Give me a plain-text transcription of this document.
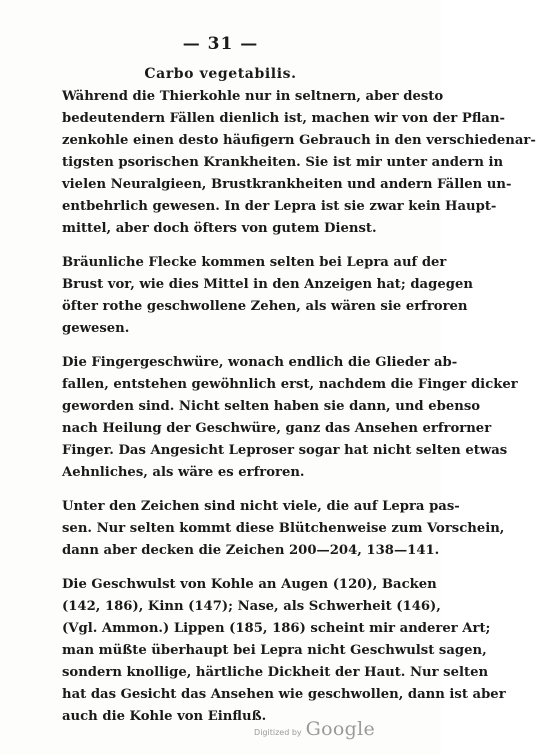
— 31 —
Carbo vegetabilis.
Während die Thierkohle nur in seltnern, aber desto
bedeutendern Fällen dienlich ist, machen wir von der Pflan-
zenkohle einen desto häufigern Gebrauch in den verschiedenar-
tigsten psorischen Krankheiten. Sie ist mir unter andern in
vielen Neuralgieen, Brustkrankheiten und andern Fällen un-
entbehrlich gewesen. In der Lepra ist sie zwar kein Haupt-
mittel, aber doch öfters von gutem Dienst.
Bräunliche Flecke kommen selten bei Lepra auf der
Brust vor, wie dies Mittel in den Anzeigen hat; dagegen
öfter rothe geschwollene Zehen, als wären sie erfroren
gewesen.
Die Fingergeschwüre, wonach endlich die Glieder ab-
fallen, entstehen gewöhnlich erst, nachdem die Finger dicker
geworden sind. Nicht selten haben sie dann, und ebenso
nach Heilung der Geschwüre, ganz das Ansehen erfrorner
Finger. Das Angesicht Leproser sogar hat nicht selten etwas
Aehnliches, als wäre es erfroren.
Unter den Zeichen sind nicht viele, die auf Lepra pas-
sen. Nur selten kommt diese Blütchenweise zum Vorschein,
dann aber decken die Zeichen 200—204, 138—141.
Die Geschwulst von Kohle an Augen (120), Backen
(142, 186), Kinn (147); Nase, als Schwerheit (146),
(Vgl. Ammon.) Lippen (185, 186) scheint mir anderer Art;
man müßte überhaupt bei Lepra nicht Geschwulst sagen,
sondern knollige, härtliche Dickheit der Haut. Nur selten
hat das Gesicht das Ansehen wie geschwollen, dann ist aber
auch die Kohle von Einfluß.
Digitized by Google
